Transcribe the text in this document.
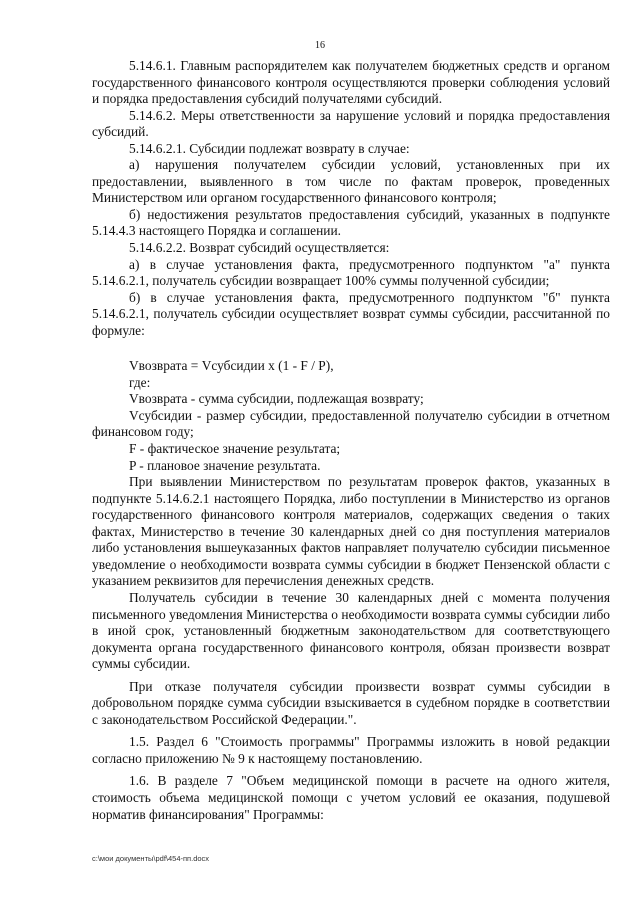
16

5.14.6.1. Главным распорядителем как получателем бюджетных средств и органом государственного финансового контроля осуществляются проверки соблюдения условий и порядка предоставления субсидий получателями субсидий.

5.14.6.2. Меры ответственности за нарушение условий и порядка предоставления субсидий.

5.14.6.2.1. Субсидии подлежат возврату в случае:

а) нарушения получателем субсидии условий, установленных при их предоставлении, выявленного в том числе по фактам проверок, проведенных Министерством или органом государственного финансового контроля;

б) недостижения результатов предоставления субсидий, указанных в подпункте 5.14.4.3 настоящего Порядка и соглашении.

5.14.6.2.2. Возврат субсидий осуществляется:

а) в случае установления факта, предусмотренного подпунктом "а" пункта 5.14.6.2.1, получатель субсидии возвращает 100% суммы полученной субсидии;

б) в случае установления факта, предусмотренного подпунктом "б" пункта 5.14.6.2.1, получатель субсидии осуществляет возврат суммы субсидии, рассчитанной по формуле:

Vвозврата = Vсубсидии x (1 - F / P),

где:

Vвозврата - сумма субсидии, подлежащая возврату;

Vсубсидии - размер субсидии, предоставленной получателю субсидии в отчетном финансовом году;

F - фактическое значение результата;

P - плановое значение результата.

При выявлении Министерством по результатам проверок фактов, указанных в подпункте 5.14.6.2.1 настоящего Порядка, либо поступлении в Министерство из органов государственного финансового контроля материалов, содержащих сведения о таких фактах, Министерство в течение 30 календарных дней со дня поступления материалов либо установления вышеуказанных фактов направляет получателю субсидии письменное уведомление о необходимости возврата суммы субсидии в бюджет Пензенской области с указанием реквизитов для перечисления денежных средств.

Получатель субсидии в течение 30 календарных дней с момента получения письменного уведомления Министерства о необходимости возврата суммы субсидии либо в иной срок, установленный бюджетным законодательством для соответствующего документа органа государственного финансового контроля, обязан произвести возврат суммы субсидии.

При отказе получателя субсидии произвести возврат суммы субсидии в добровольном порядке сумма субсидии взыскивается в судебном порядке в соответствии с законодательством Российской Федерации.".

1.5. Раздел 6 "Стоимость программы" Программы изложить в новой редакции согласно приложению № 9 к настоящему постановлению.

1.6. В разделе 7 "Объем медицинской помощи в расчете на одного жителя, стоимость объема медицинской помощи с учетом условий ее оказания, подушевой норматив финансирования" Программы:

c:\мои документы\pdf\454-пп.docx
